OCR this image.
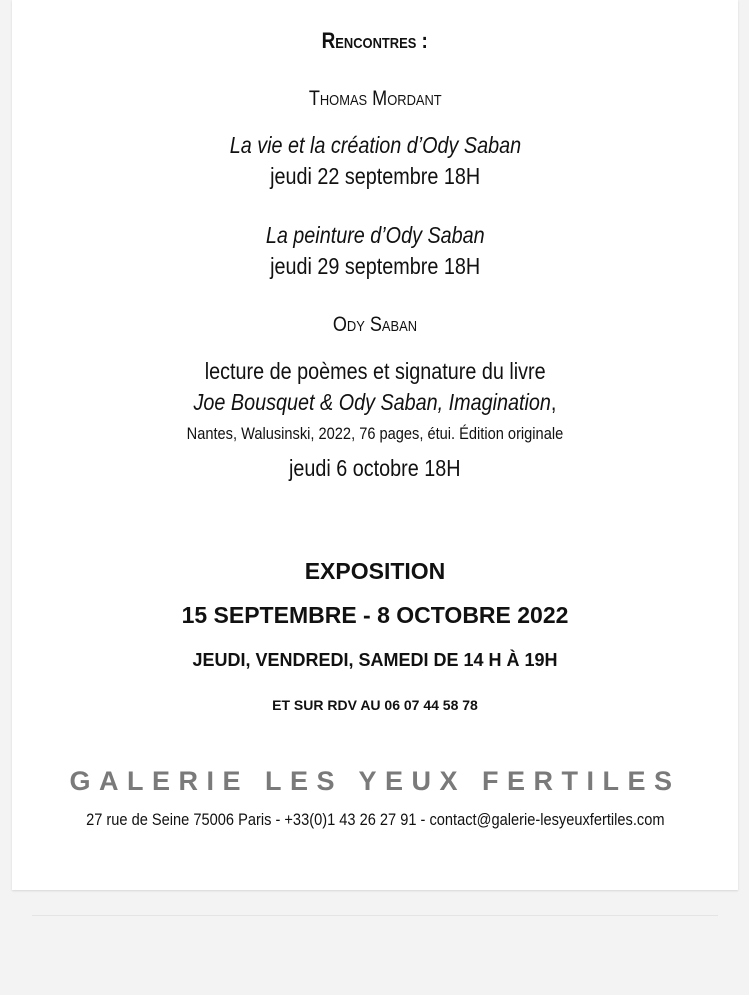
Rencontres :
Thomas Mordant
La vie et la création d’Ody Saban
jeudi 22 septembre 18H
La peinture d’Ody Saban
jeudi 29 septembre 18H
Ody Saban
lecture de poèmes et signature du livre
Joe Bousquet & Ody Saban, Imagination,
Nantes, Walusinski, 2022, 76 pages, étui. Édition originale
jeudi 6 octobre 18H
EXPOSITION
15 SEPTEMBRE - 8 OCTOBRE 2022
JEUDI, VENDREDI, SAMEDI DE 14 H À 19H
ET SUR RDV AU 06 07 44 58 78
GALERIE LES YEUX FERTILES
27 rue de Seine 75006 Paris - +33(0)1 43 26 27 91 - contact@galerie-lesyeuxfertiles.com
